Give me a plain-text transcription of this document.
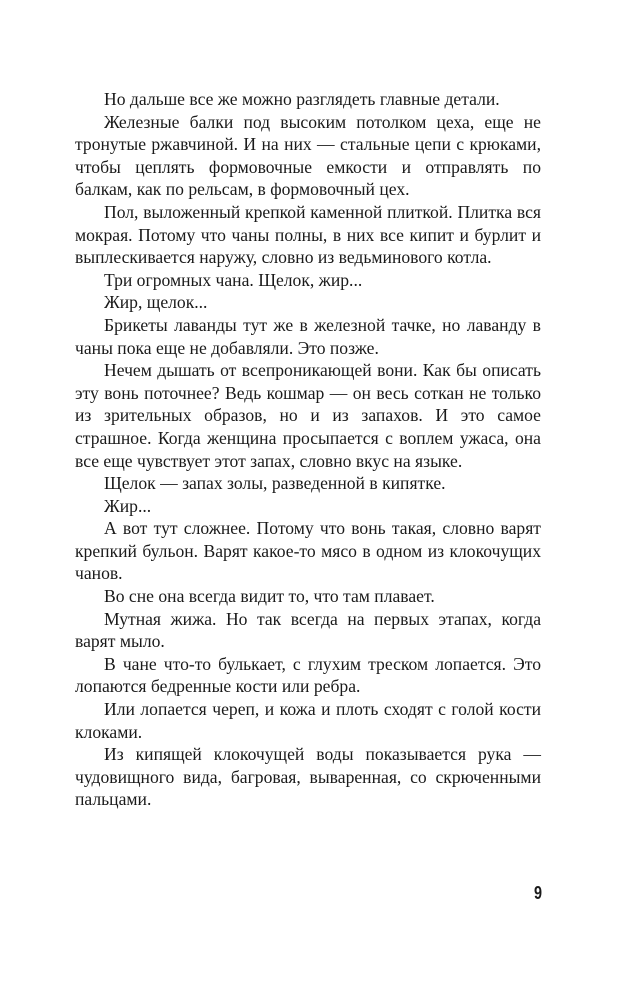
Но дальше все же можно разглядеть главные детали.

Железные балки под высоким потолком цеха, еще не тронутые ржавчиной. И на них — стальные цепи с крюками, чтобы цеплять формовочные емкости и отправлять по балкам, как по рельсам, в формовочный цех.

Пол, выложенный крепкой каменной плиткой. Плитка вся мокрая. Потому что чаны полны, в них все кипит и бурлит и выплескивается наружу, словно из ведьминового котла.

Три огромных чана. Щелок, жир...

Жир, щелок...

Брикеты лаванды тут же в железной тачке, но лаванду в чаны пока еще не добавляли. Это позже.

Нечем дышать от всепроникающей вони. Как бы описать эту вонь поточнее? Ведь кошмар — он весь соткан не только из зрительных образов, но и из запахов. И это самое страшное. Когда женщина просыпается с воплем ужаса, она все еще чувствует этот запах, словно вкус на языке.

Щелок — запах золы, разведенной в кипятке.

Жир...

А вот тут сложнее. Потому что вонь такая, словно варят крепкий бульон. Варят какое-то мясо в одном из клокочущих чанов.

Во сне она всегда видит то, что там плавает.

Мутная жижа. Но так всегда на первых этапах, когда варят мыло.

В чане что-то булькает, с глухим треском лопается. Это лопаются бедренные кости или ребра.

Или лопается череп, и кожа и плоть сходят с голой кости клоками.

Из кипящей клокочущей воды показывается рука — чудовищного вида, багровая, вываренная, со скрюченными пальцами.

9
